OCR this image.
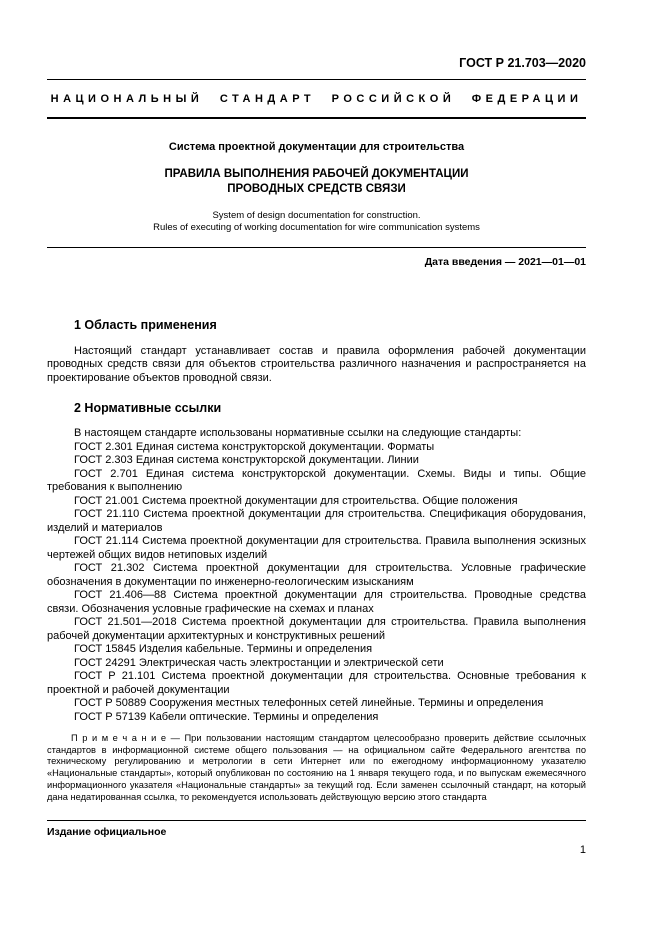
ГОСТ Р 21.703—2020
НАЦИОНАЛЬНЫЙ СТАНДАРТ РОССИЙСКОЙ ФЕДЕРАЦИИ
Система проектной документации для строительства
ПРАВИЛА ВЫПОЛНЕНИЯ РАБОЧЕЙ ДОКУМЕНТАЦИИ
ПРОВОДНЫХ СРЕДСТВ СВЯЗИ
System of design documentation for construction.
Rules of executing of working documentation for wire communication systems
Дата введения — 2021—01—01
1 Область применения

Настоящий стандарт устанавливает состав и правила оформления рабочей документации проводных средств связи для объектов строительства различного назначения и распространяется на проектирование объектов проводной связи.

2 Нормативные ссылки

В настоящем стандарте использованы нормативные ссылки на следующие стандарты:

ГОСТ 2.301 Единая система конструкторской документации. Форматы

ГОСТ 2.303 Единая система конструкторской документации. Линии

ГОСТ 2.701 Единая система конструкторской документации. Схемы. Виды и типы. Общие требования к выполнению

ГОСТ 21.001 Система проектной документации для строительства. Общие положения

ГОСТ 21.110 Система проектной документации для строительства. Спецификация оборудования, изделий и материалов

ГОСТ 21.114 Система проектной документации для строительства. Правила выполнения эскизных чертежей общих видов нетиповых изделий

ГОСТ 21.302 Система проектной документации для строительства. Условные графические обозначения в документации по инженерно-геологическим изысканиям

ГОСТ 21.406—88 Система проектной документации для строительства. Проводные средства связи. Обозначения условные графические на схемах и планах

ГОСТ 21.501—2018 Система проектной документации для строительства. Правила выполнения рабочей документации архитектурных и конструктивных решений

ГОСТ 15845 Изделия кабельные. Термины и определения

ГОСТ 24291 Электрическая часть электростанции и электрической сети

ГОСТ Р 21.101 Система проектной документации для строительства. Основные требования к проектной и рабочей документации

ГОСТ Р 50889 Сооружения местных телефонных сетей линейные. Термины и определения

ГОСТ Р 57139 Кабели оптические. Термины и определения

П р и м е ч а н и е — При пользовании настоящим стандартом целесообразно проверить действие ссылочных стандартов в информационной системе общего пользования — на официальном сайте Федерального агентства по техническому регулированию и метрологии в сети Интернет или по ежегодному информационному указателю «Национальные стандарты», который опубликован по состоянию на 1 января текущего года, и по выпускам ежемесячного информационного указателя «Национальные стандарты» за текущий год. Если заменен ссылочный стандарт, на который дана недатированная ссылка, то рекомендуется использовать действующую версию этого стандарта

Издание официальное
1
